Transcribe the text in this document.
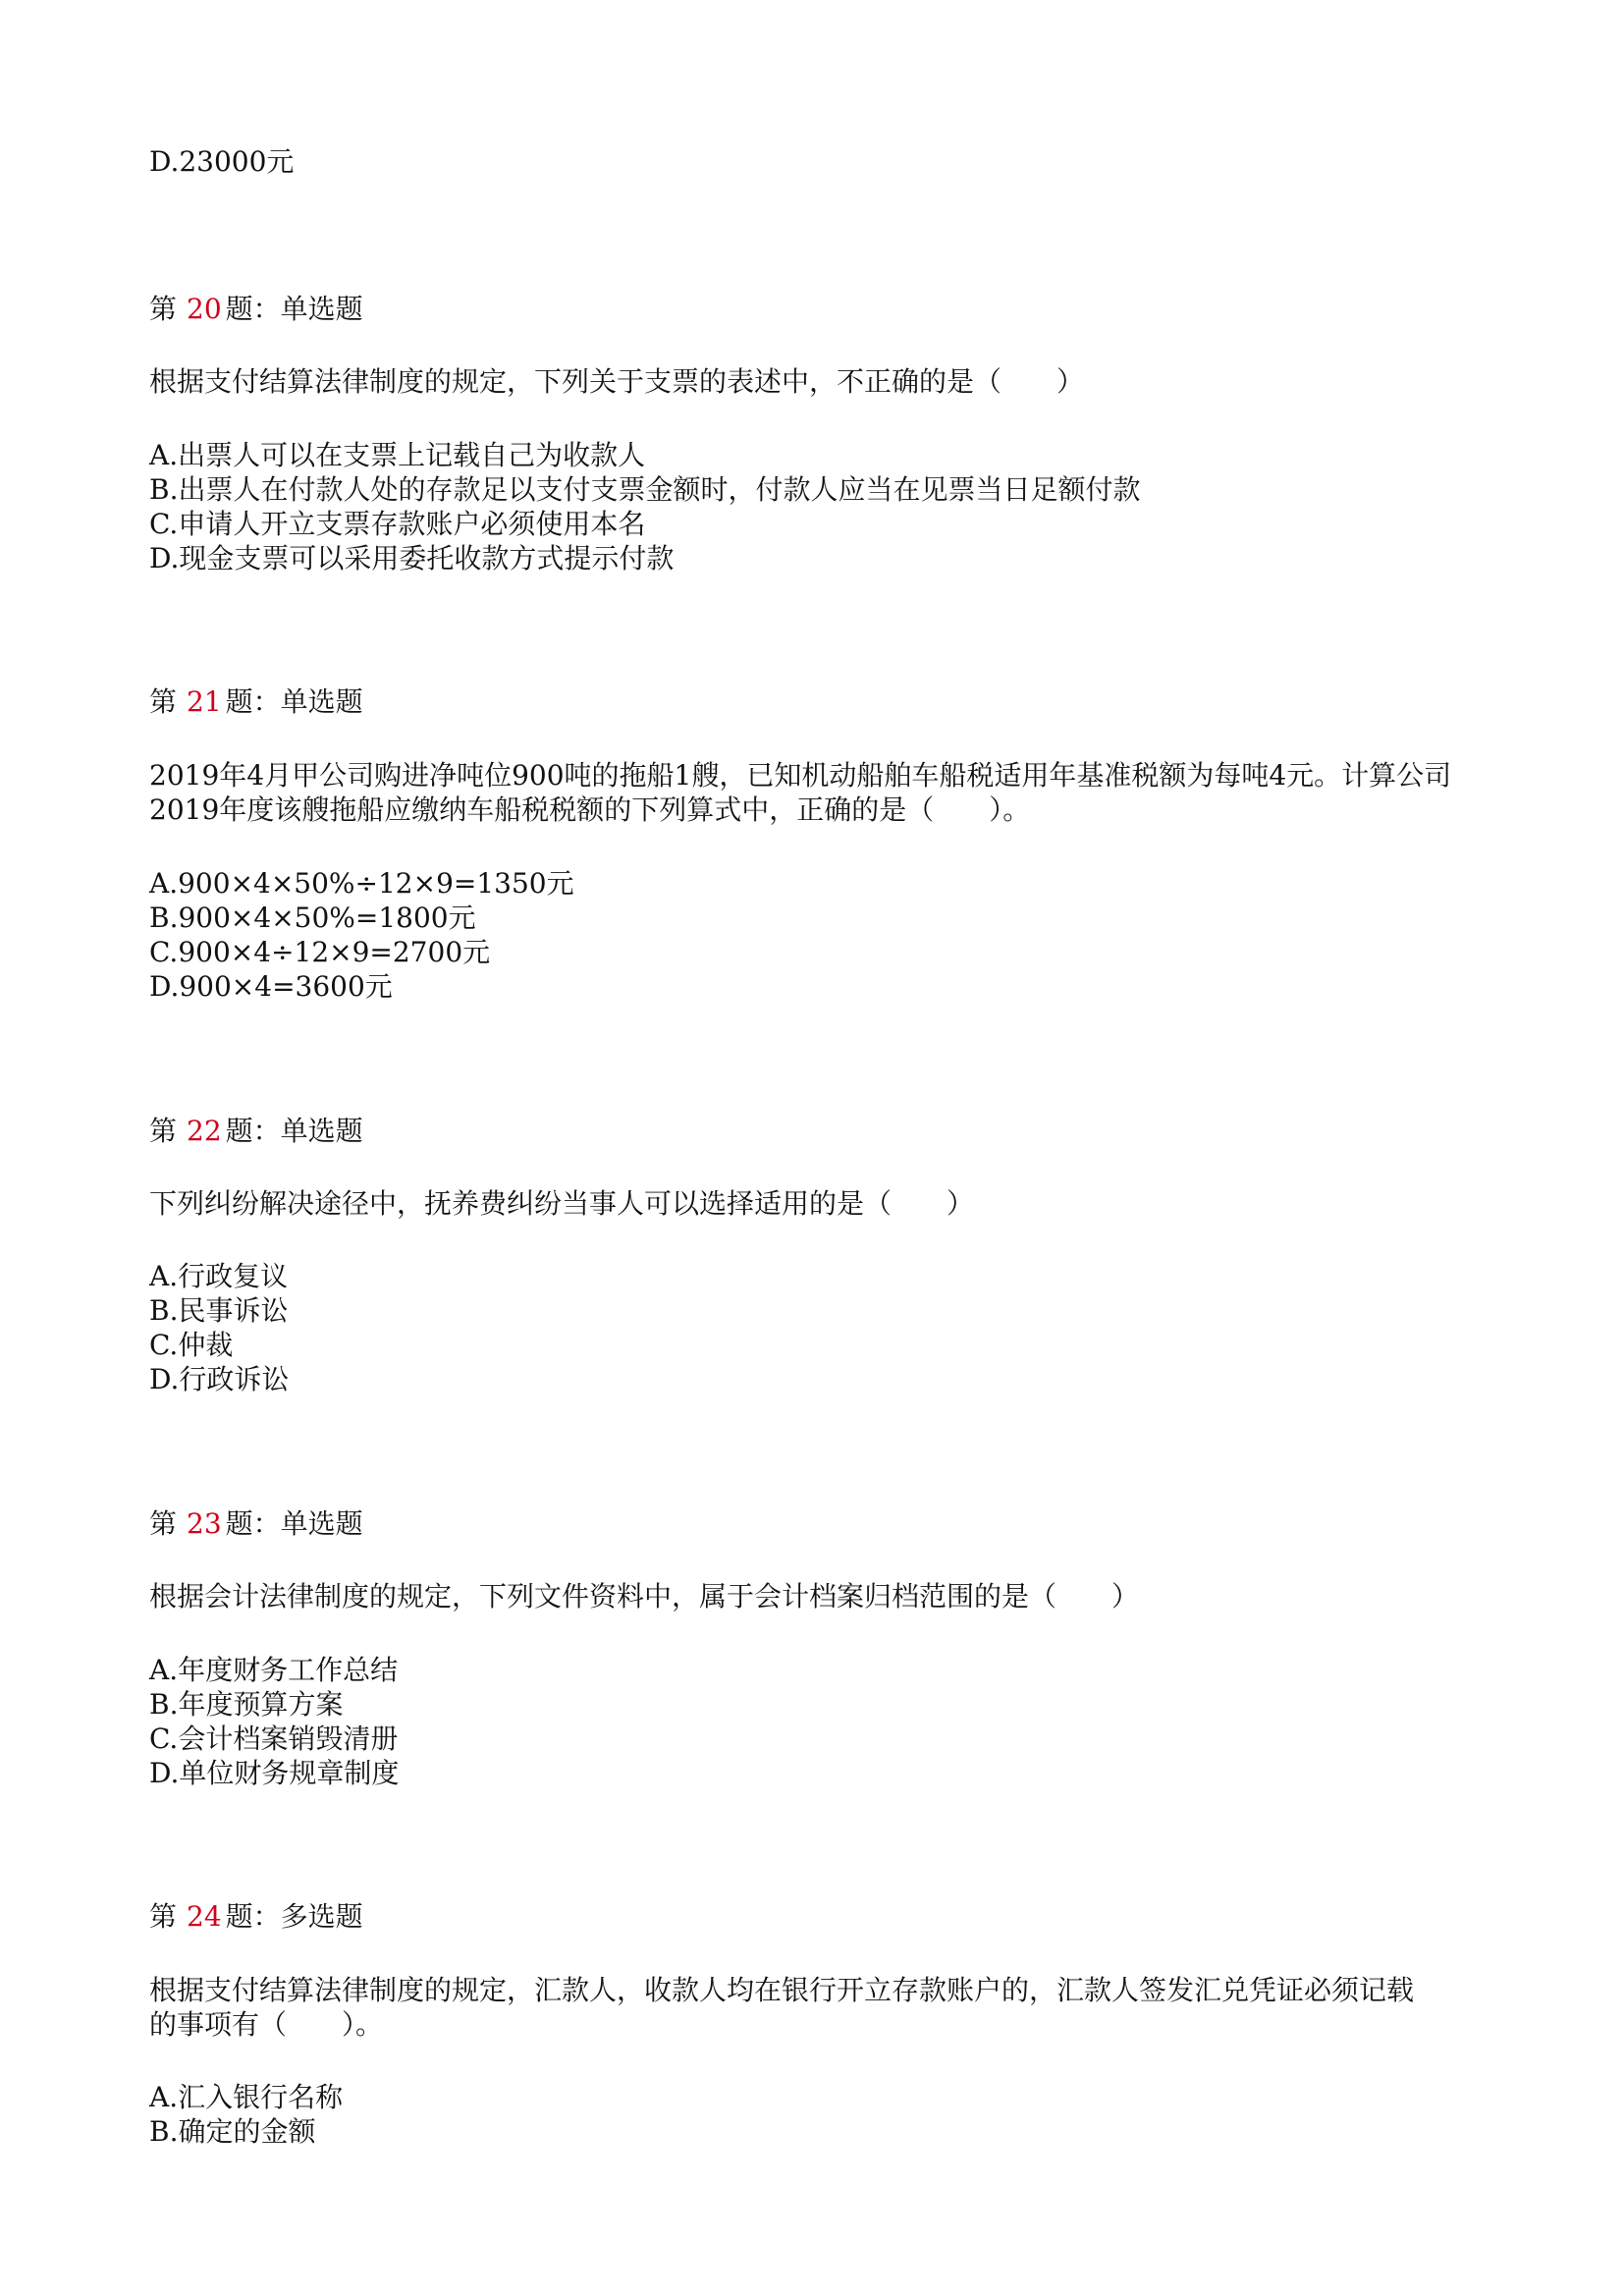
D.23000元
第 20 题：单选题
根据支付结算法律制度的规定，下列关于支票的表述中，不正确的是（　　）
A.出票人可以在支票上记载自己为收款人
B.出票人在付款人处的存款足以支付支票金额时，付款人应当在见票当日足额付款
C.申请人开立支票存款账户必须使用本名
D.现金支票可以采用委托收款方式提示付款
第 21 题：单选题
2019年4月甲公司购进净吨位900吨的拖船1艘，已知机动船舶车船税适用年基准税额为每吨4元。计算公司
2019年度该艘拖船应缴纳车船税税额的下列算式中，正确的是（　　）。
A.900×4×50%÷12×9=1350元
B.900×4×50%=1800元
C.900×4÷12×9=2700元
D.900×4=3600元
第 22 题：单选题
下列纠纷解决途径中，抚养费纠纷当事人可以选择适用的是（　　）
A.行政复议
B.民事诉讼
C.仲裁
D.行政诉讼
第 23 题：单选题
根据会计法律制度的规定，下列文件资料中，属于会计档案归档范围的是（　　）
A.年度财务工作总结
B.年度预算方案
C.会计档案销毁清册
D.单位财务规章制度
第 24 题：多选题
根据支付结算法律制度的规定，汇款人，收款人均在银行开立存款账户的，汇款人签发汇兑凭证必须记载
的事项有（　　）。
A.汇入银行名称
B.确定的金额
